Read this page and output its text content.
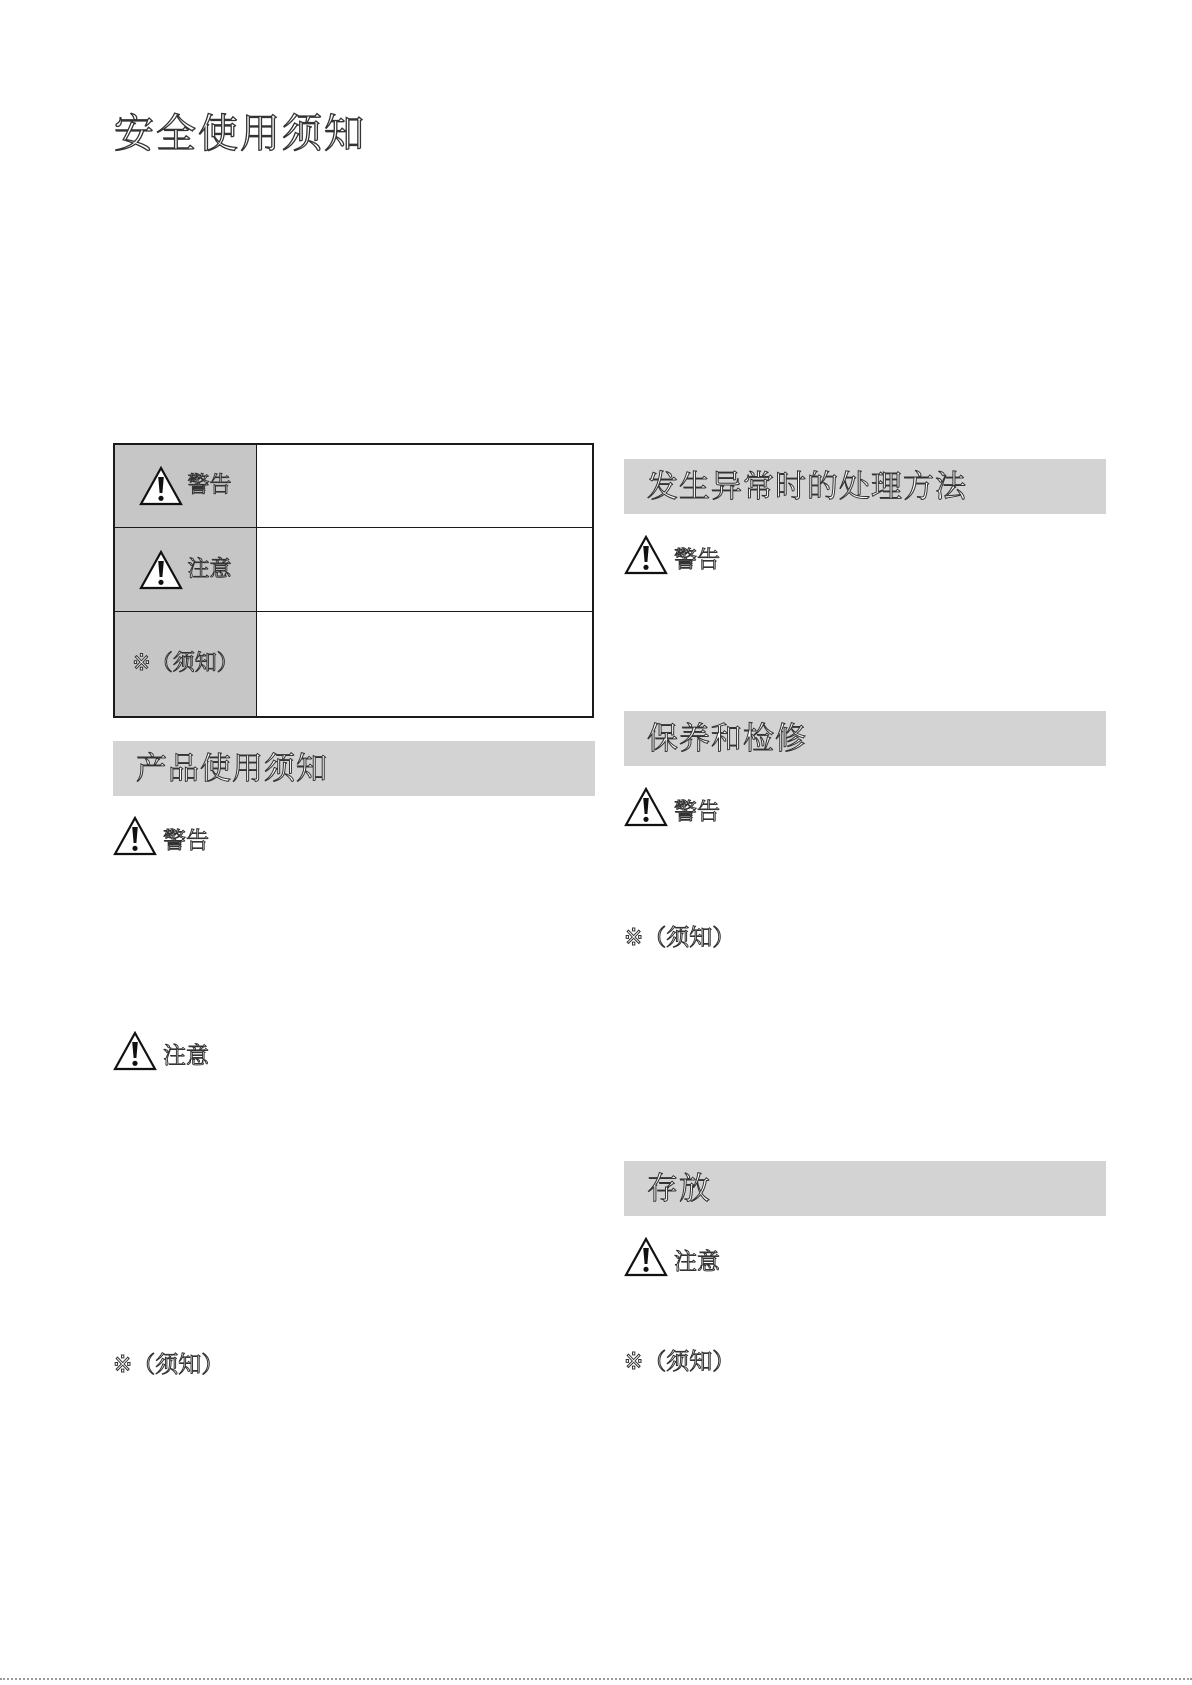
安全使用须知
警告
注意
※（须知）
产品使用须知
警告
注意
※（须知）
发生异常时的处理方法
警告
保养和检修
警告
※（须知）
存放
注意
※（须知）
